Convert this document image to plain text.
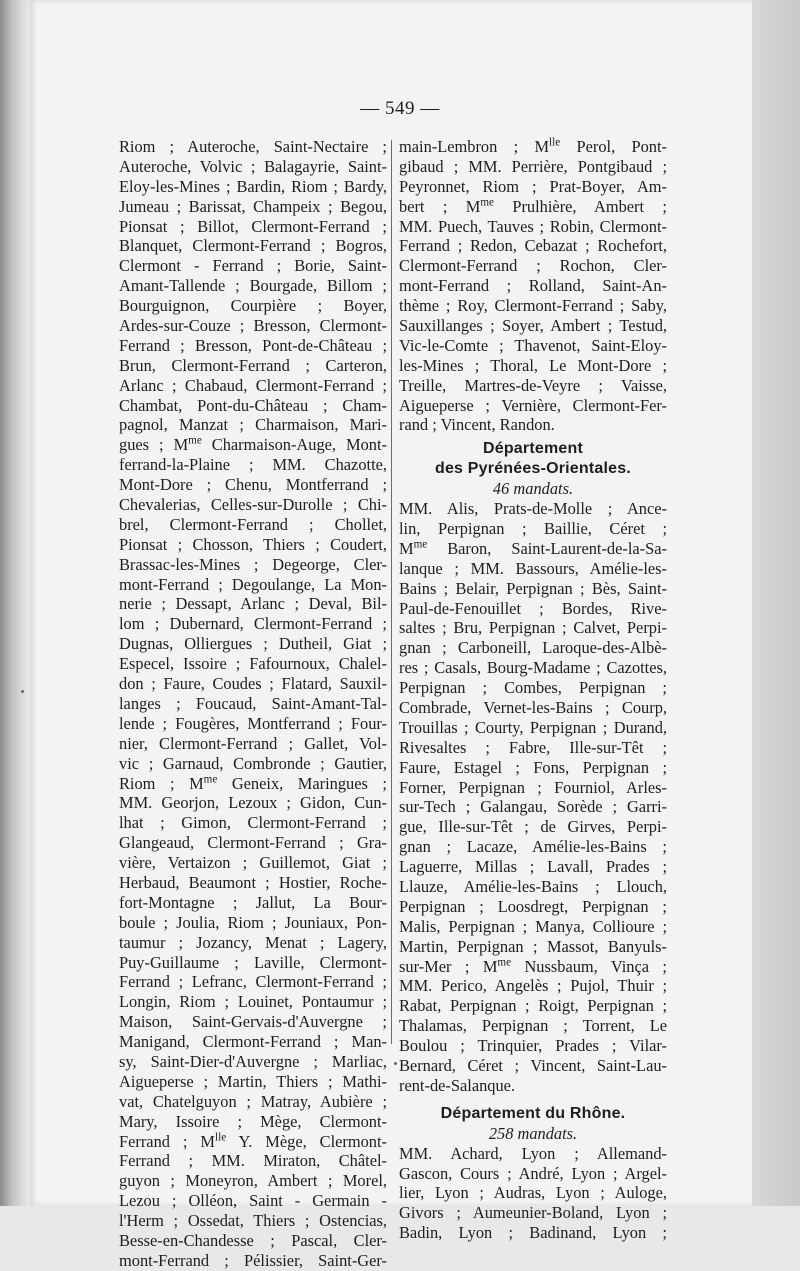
— 549 —
Riom ; Auteroche, Saint-Nectaire ;
Auteroche, Volvic ; Balagayrie, Saint-
Eloy-les-Mines ; Bardin, Riom ; Bardy,
Jumeau ; Barissat, Champeix ; Begou,
Pionsat ; Billot, Clermont-Ferrand ;
Blanquet, Clermont-Ferrand ; Bogros,
Clermont - Ferrand ; Borie, Saint-
Amant-Tallende ; Bourgade, Billom ;
Bourguignon, Courpière ; Boyer,
Ardes-sur-Couze ; Bresson, Clermont-
Ferrand ; Bresson, Pont-de-Château ;
Brun, Clermont-Ferrand ; Carteron,
Arlanc ; Chabaud, Clermont-Ferrand ;
Chambat, Pont-du-Château ; Cham-
pagnol, Manzat ; Charmaison, Mari-
gues ; $M^{me}$ Charmaison-Auge, Mont-
ferrand-la-Plaine ; MM. Chazotte,
Mont-Dore ; Chenu, Montferrand ;
Chevalerias, Celles-sur-Durolle ; Chi-
brel, Clermont-Ferrand ; Chollet,
Pionsat ; Chosson, Thiers ; Coudert,
Brassac-les-Mines ; Degeorge, Cler-
mont-Ferrand ; Degoulange, La Mon-
nerie ; Dessapt, Arlanc ; Deval, Bil-
lom ; Dubernard, Clermont-Ferrand ;
Dugnas, Olliergues ; Dutheil, Giat ;
Especel, Issoire ; Fafournoux, Chalel-
don ; Faure, Coudes ; Flatard, Sauxil-
langes ; Foucaud, Saint-Amant-Tal-
lende ; Fougères, Montferrand ; Four-
nier, Clermont-Ferrand ; Gallet, Vol-
vic ; Garnaud, Combronde ; Gautier,
Riom ; $M^{me}$ Geneix, Maringues ;
MM. Georjon, Lezoux ; Gidon, Cun-
lhat ; Gimon, Clermont-Ferrand ;
Glangeaud, Clermont-Ferrand ; Gra-
vière, Vertaizon ; Guillemot, Giat ;
Herbaud, Beaumont ; Hostier, Roche-
fort-Montagne ; Jallut, La Bour-
boule ; Joulia, Riom ; Jouniaux, Pon-
taumur ; Jozancy, Menat ; Lagery,
Puy-Guillaume ; Laville, Clermont-
Ferrand ; Lefranc, Clermont-Ferrand ;
Longin, Riom ; Louinet, Pontaumur ;
Maison, Saint-Gervais-d'Auvergne ;
Manigand, Clermont-Ferrand ; Man-
sy, Saint-Dier-d'Auvergne ; Marliac,
Aigueperse ; Martin, Thiers ; Mathi-
vat, Chatelguyon ; Matray, Aubière ;
Mary, Issoire ; Mège, Clermont-
Ferrand ; $M^{lle}$ Y. Mège, Clermont-
Ferrand ; MM. Miraton, Châtel-
guyon ; Moneyron, Ambert ; Morel,
Lezou ; Olléon, Saint - Germain -
l'Herm ; Ossedat, Thiers ; Ostencias,
Besse-en-Chandesse ; Pascal, Cler-
mont-Ferrand ; Pélissier, Saint-Ger-
main-Lembron ; $M^{lle}$ Perol, Pont-
gibaud ; MM. Perrière, Pontgibaud ;
Peyronnet, Riom ; Prat-Boyer, Am-
bert ; $M^{me}$ Prulhière, Ambert ;
MM. Puech, Tauves ; Robin, Clermont-
Ferrand ; Redon, Cebazat ; Rochefort,
Clermont-Ferrand ; Rochon, Cler-
mont-Ferrand ; Rolland, Saint-An-
thème ; Roy, Clermont-Ferrand ; Saby,
Sauxillanges ; Soyer, Ambert ; Testud,
Vic-le-Comte ; Thavenot, Saint-Eloy-
les-Mines ; Thoral, Le Mont-Dore ;
Treille, Martres-de-Veyre ; Vaisse,
Aigueperse ; Vernière, Clermont-Fer-
rand ; Vincent, Randon.
Département
des Pyrénées-Orientales.
46 mandats.
MM. Alis, Prats-de-Molle ; Ance-
lin, Perpignan ; Baillie, Céret ;
$M^{me}$ Baron, Saint-Laurent-de-la-Sa-
lanque ; MM. Bassours, Amélie-les-
Bains ; Belair, Perpignan ; Bès, Saint-
Paul-de-Fenouillet ; Bordes, Rive-
saltes ; Bru, Perpignan ; Calvet, Perpi-
gnan ; Carboneill, Laroque-des-Albè-
res ; Casals, Bourg-Madame ; Cazottes,
Perpignan ; Combes, Perpignan ;
Combrade, Vernet-les-Bains ; Courp,
Trouillas ; Courty, Perpignan ; Durand,
Rivesaltes ; Fabre, Ille-sur-Têt ;
Faure, Estagel ; Fons, Perpignan ;
Forner, Perpignan ; Fourniol, Arles-
sur-Tech ; Galangau, Sorède ; Garri-
gue, Ille-sur-Têt ; de Girves, Perpi-
gnan ; Lacaze, Amélie-les-Bains ;
Laguerre, Millas ; Lavall, Prades ;
Llauze, Amélie-les-Bains ; Llouch,
Perpignan ; Loosdregt, Perpignan ;
Malis, Perpignan ; Manya, Collioure ;
Martin, Perpignan ; Massot, Banyuls-
sur-Mer ; $M^{me}$ Nussbaum, Vinça ;
MM. Perico, Angelès ; Pujol, Thuir ;
Rabat, Perpignan ; Roigt, Perpignan ;
Thalamas, Perpignan ; Torrent, Le
Boulou ; Trinquier, Prades ; Vilar-
Bernard, Céret ; Vincent, Saint-Lau-
rent-de-Salanque.
Département du Rhône.
258 mandats.
MM. Achard, Lyon ; Allemand-
Gascon, Cours ; André, Lyon ; Argel-
lier, Lyon ; Audras, Lyon ; Auloge,
Givors ; Aumeunier-Boland, Lyon ;
Badin, Lyon ; Badinand, Lyon ;
